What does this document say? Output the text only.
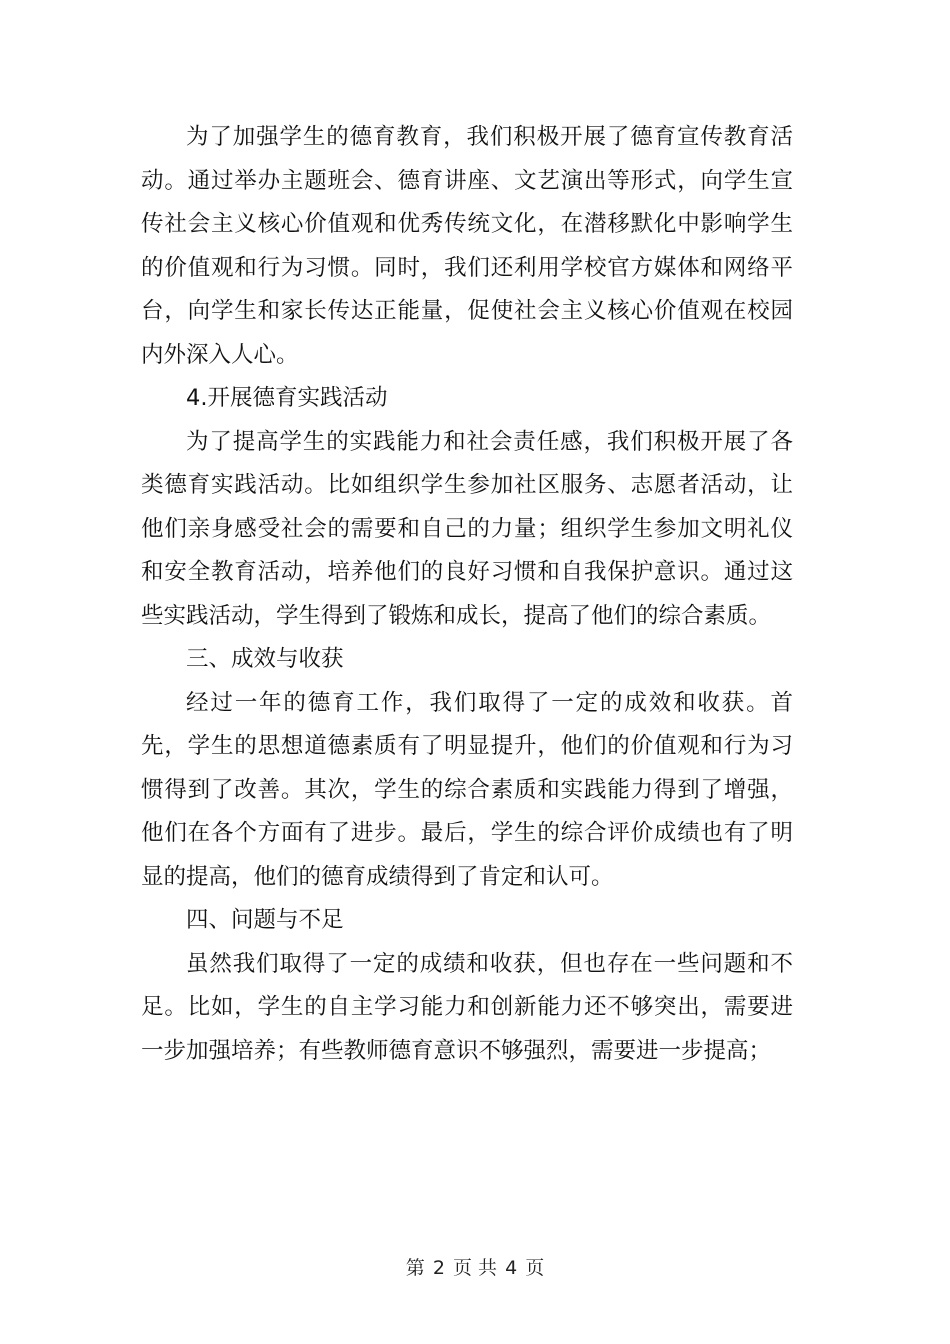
为了加强学生的德育教育，我们积极开展了德育宣传教育活动。通过举办主题班会、德育讲座、文艺演出等形式，向学生宣传社会主义核心价值观和优秀传统文化，在潜移默化中影响学生的价值观和行为习惯。同时，我们还利用学校官方媒体和网络平台，向学生和家长传达正能量，促使社会主义核心价值观在校园内外深入人心。

4.开展德育实践活动

为了提高学生的实践能力和社会责任感，我们积极开展了各类德育实践活动。比如组织学生参加社区服务、志愿者活动，让他们亲身感受社会的需要和自己的力量；组织学生参加文明礼仪和安全教育活动，培养他们的良好习惯和自我保护意识。通过这些实践活动，学生得到了锻炼和成长，提高了他们的综合素质。

三、成效与收获

经过一年的德育工作，我们取得了一定的成效和收获。首先，学生的思想道德素质有了明显提升，他们的价值观和行为习惯得到了改善。其次，学生的综合素质和实践能力得到了增强，他们在各个方面有了进步。最后，学生的综合评价成绩也有了明显的提高，他们的德育成绩得到了肯定和认可。

四、问题与不足

虽然我们取得了一定的成绩和收获，但也存在一些问题和不足。比如，学生的自主学习能力和创新能力还不够突出，需要进一步加强培养；有些教师德育意识不够强烈，需要进一步提高；

第 2 页 共 4 页
